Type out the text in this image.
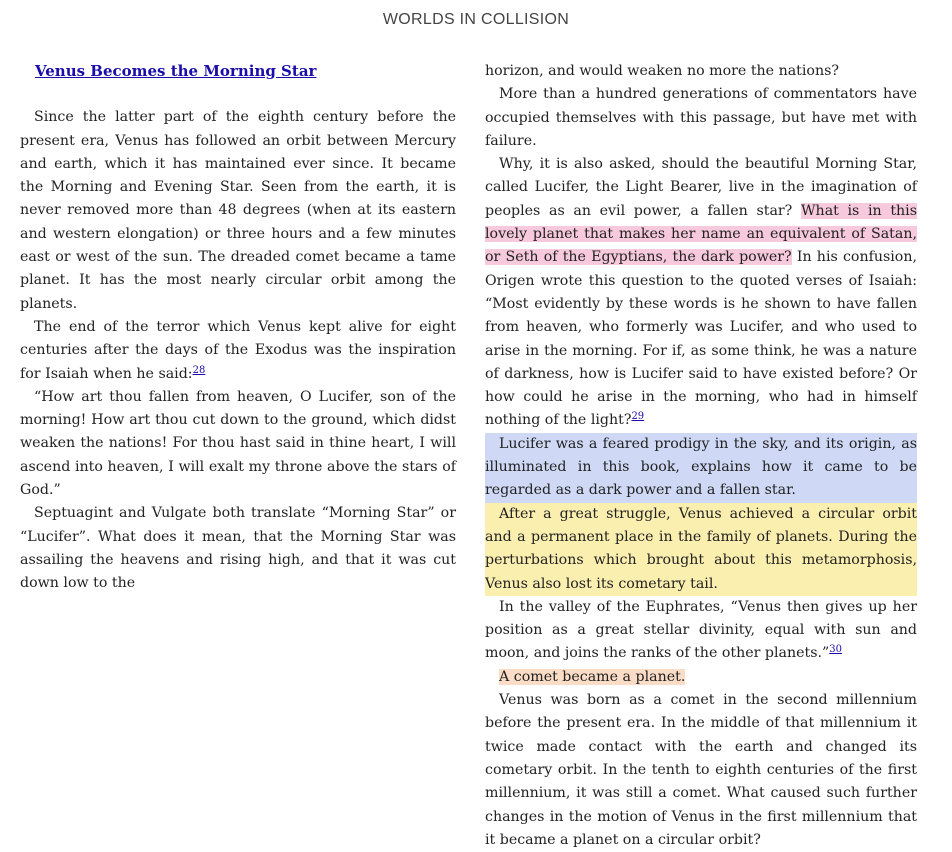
WORLDS IN COLLISION
Venus Becomes the Morning Star

Since the latter part of the eighth century before the present era, Venus has followed an orbit between Mercury and earth, which it has maintained ever since. It became the Morning and Evening Star. Seen from the earth, it is never removed more than 48 degrees (when at its eastern and western elongation) or three hours and a few minutes east or west of the sun. The dreaded comet became a tame planet. It has the most nearly circular orbit among the planets.

The end of the terror which Venus kept alive for eight centuries after the days of the Exodus was the inspiration for Isaiah when he said:$^{28}$

“How art thou fallen from heaven, O Lucifer, son of the morning! How art thou cut down to the ground, which didst weaken the nations! For thou hast said in thine heart, I will ascend into heaven, I will exalt my throne above the stars of God.”

Septuagint and Vulgate both translate “Morning Star” or “Lucifer”. What does it mean, that the Morning Star was assailing the heavens and rising high, and that it was cut down low to the

horizon, and would weaken no more the nations?

More than a hundred generations of commentators have occupied themselves with this passage, but have met with failure.

Why, it is also asked, should the beautiful Morning Star, called Lucifer, the Light Bearer, live in the imagination of peoples as an evil power, a fallen star? What is in this lovely planet that makes her name an equivalent of Satan, or Seth of the Egyptians, the dark power? In his confusion, Origen wrote this question to the quoted verses of Isaiah: “Most evidently by these words is he shown to have fallen from heaven, who formerly was Lucifer, and who used to arise in the morning. For if, as some think, he was a nature of darkness, how is Lucifer said to have existed before? Or how could he arise in the morning, who had in himself nothing of the light?$^{29}$

Lucifer was a feared prodigy in the sky, and its origin, as illuminated in this book, explains how it came to be regarded as a dark power and a fallen star.

After a great struggle, Venus achieved a circular orbit and a permanent place in the family of planets. During the perturbations which brought about this metamorphosis, Venus also lost its cometary tail.

In the valley of the Euphrates, “Venus then gives up her position as a great stellar divinity, equal with sun and moon, and joins the ranks of the other planets.”$^{30}$

A comet became a planet.

Venus was born as a comet in the second millennium before the present era. In the middle of that millennium it twice made contact with the earth and changed its cometary orbit. In the tenth to eighth centuries of the first millennium, it was still a comet. What caused such further changes in the motion of Venus in the first millennium that it became a planet on a circular orbit?
